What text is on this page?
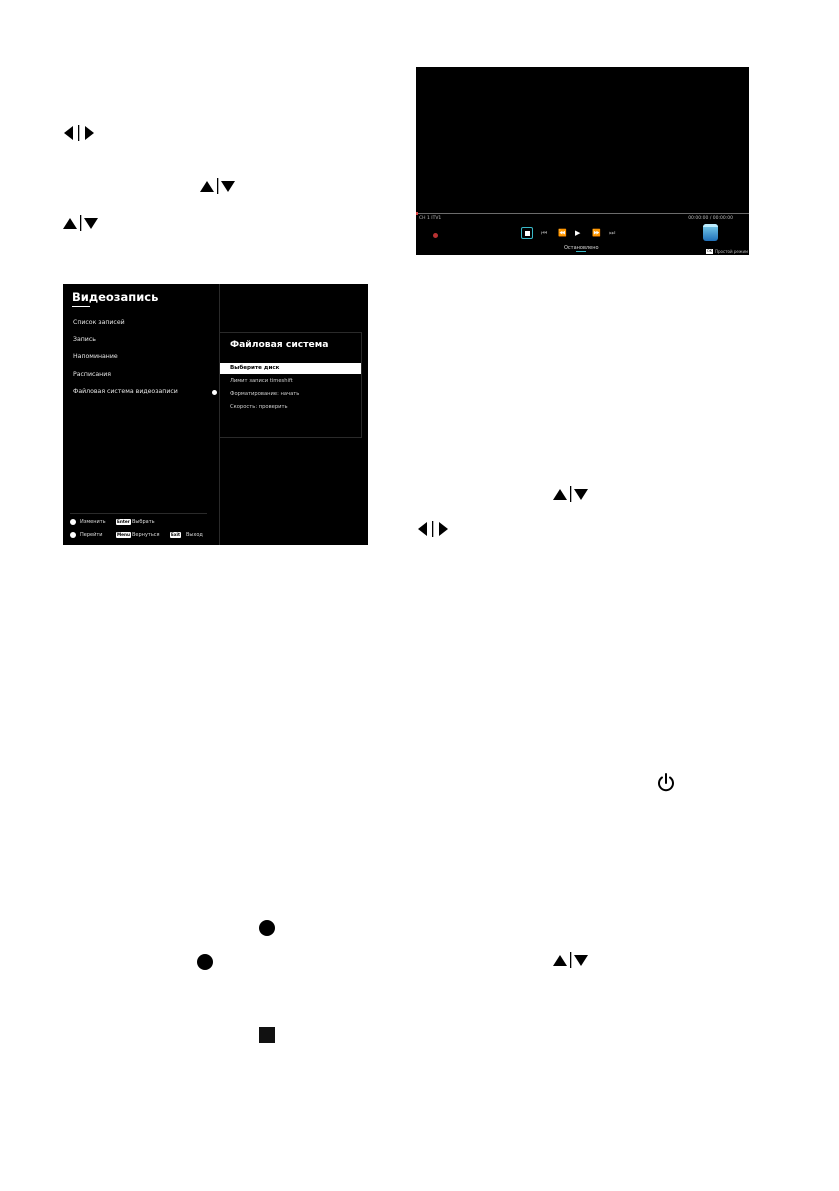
Видеозапись
Список записей
Запись
Напоминание
Расписания
Файловая система видеозаписи
Файловая система
Выберите диск
Лимит записи timeshift
Форматирование: начать
Скорость: проверить
Изменить	Enter Выбрать
Перейти	Menu Вернуться	Exit Выход
CH 1 ITV1	00:00:00 / 00:00:00
⏮ ⏪ ▶ ⏩ ⏭
Остановлено	OK Простой режим
